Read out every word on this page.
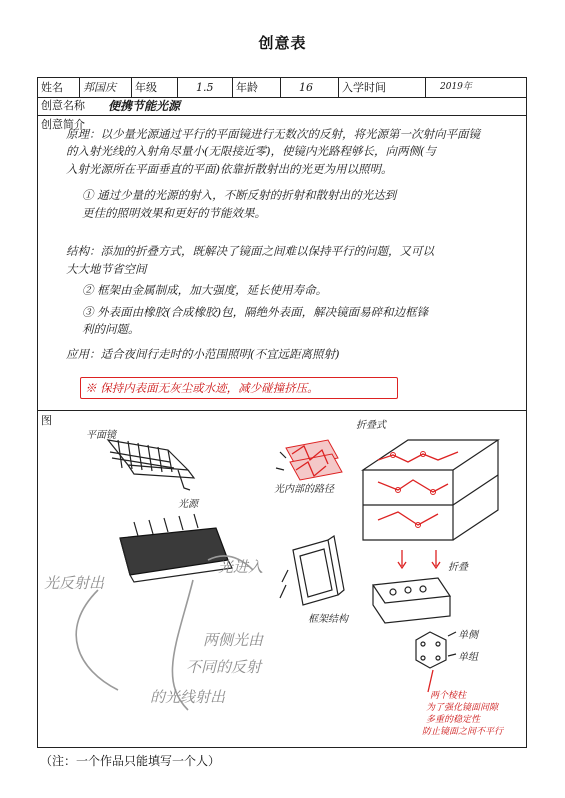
创意表
姓名	邦国庆	年级	1.5	年龄	16	入学时间	2019年
创意名称 便携节能光源
创意简介
原理：以少量光源通过平行的平面镜进行无数次的反射，将光源第一次射向平面镜
的入射光线的入射角尽量小(无限接近零)，使镜内光路程够长，向两侧(与
入射光源所在平面垂直的平面)依靠折散射出的光更为用以照明。
① 通过少量的光源的射入，不断反射的折射和散射出的光达到
更佳的照明效果和更好的节能效果。
结构：添加的折叠方式，既解决了镜面之间难以保持平行的问题，又可以
大大地节省空间
② 框架由金属制成，加大强度，延长使用寿命。
③ 外表面由橡胶(合成橡胶)包，隔绝外表面，解决镜面易碎和边框锋
利的问题。
应用：适合夜间行走时的小范围照明(不宜远距离照射)
※ 保持内表面无灰尘或水迹，减少碰撞挤压。
图
平面镜
光源
光反射出
光进入
两侧光由
不同的反射
的光线射出
光内部的路径
折叠式
折叠
框架结构
单侧
单组
两个棱柱
为了强化镜面间隙
多重的稳定性
防止镜面之间不平行
（注：一个作品只能填写一个人）
